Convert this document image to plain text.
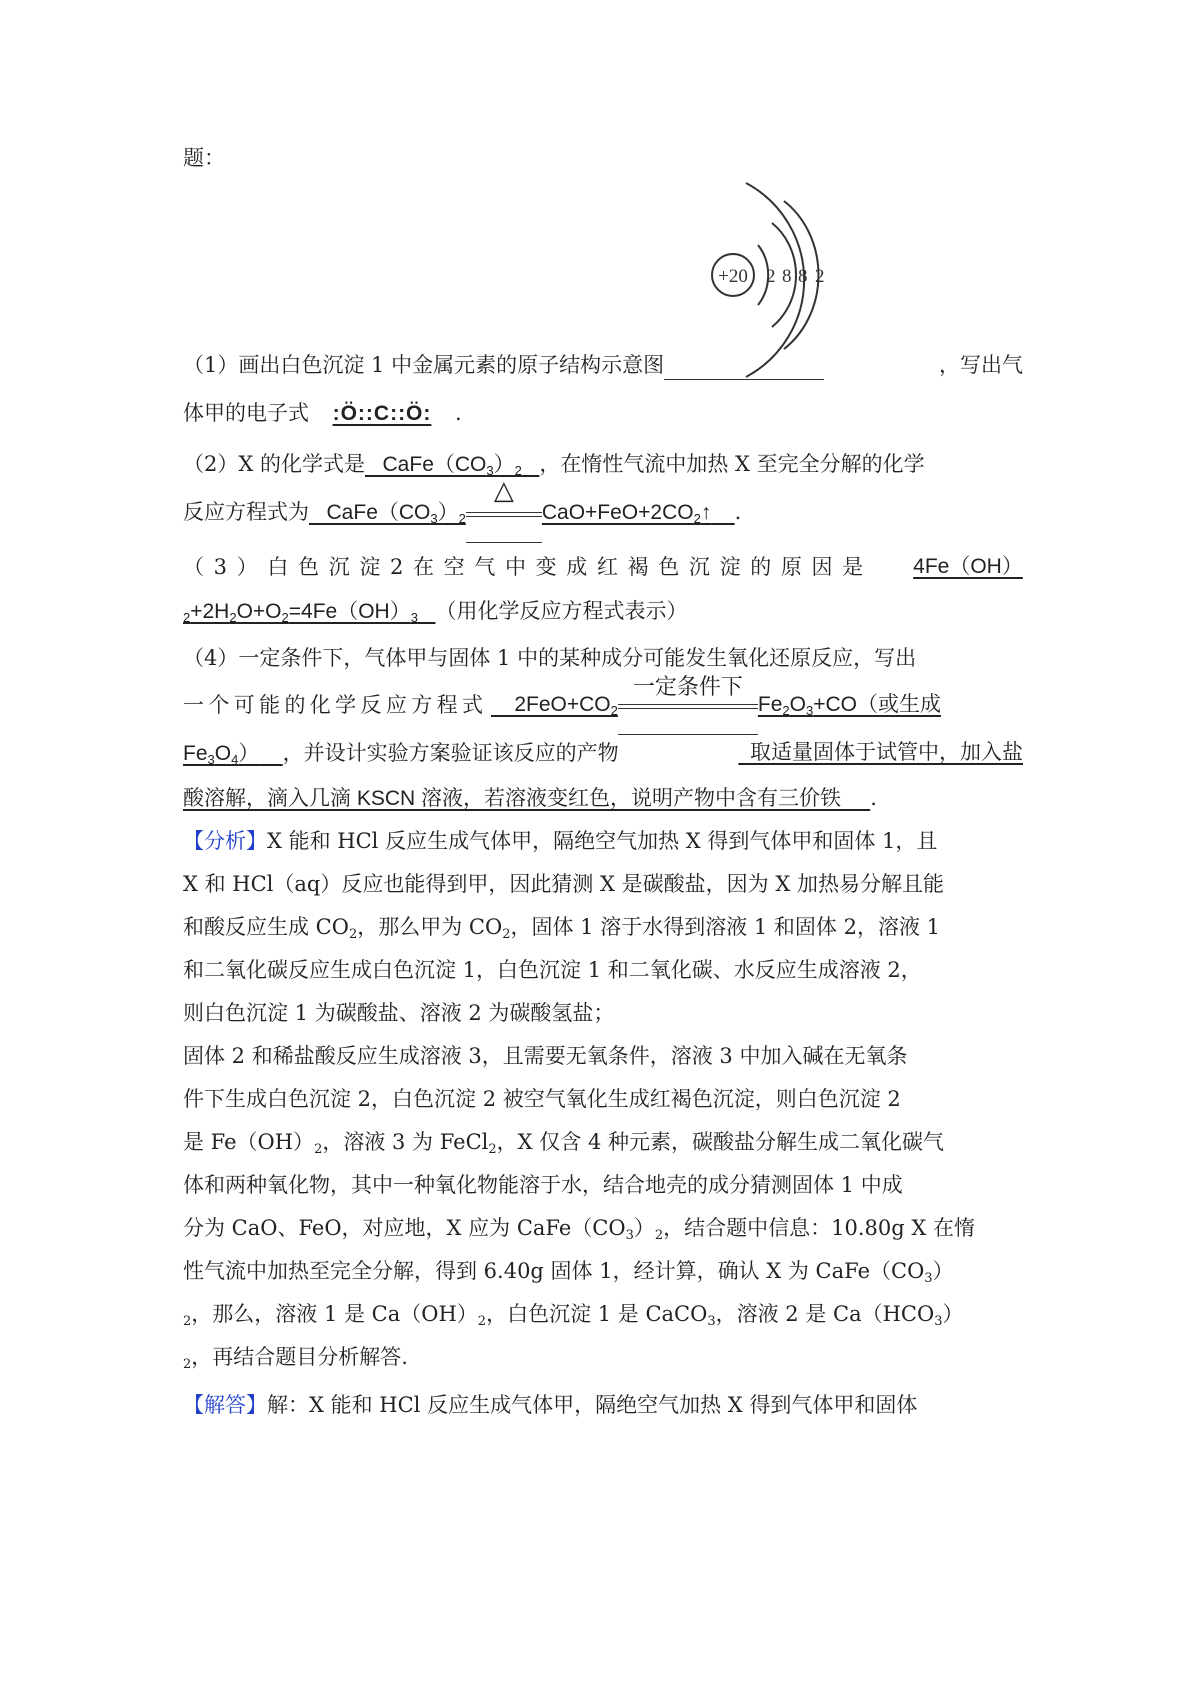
题：
+20 2 8 8 2
（1）画出白色沉淀 1 中金属元素的原子结构示意图	，写出气
体甲的电子式 :Ö::C::Ö: .
（2）X 的化学式是 $CaFe(CO_3)_2$ ，在惰性气流中加热 X 至完全分解的化学
反应方程式为 $CaFe(CO_3)_2$
△
$CaO+FeO+2CO_2↑$ .
（ 3 ） 白 色 沉 淀 2 在 空 气 中 变 成 红 褐 色 沉 淀 的 原 因 是	4Fe（OH）
$_2+2H_2O+O_2=4Fe(OH)_3$ （用化学反应方程式表示）
（4）一定条件下，气体甲与固体 1 中的某种成分可能发生氧化还原反应，写出
一 个 可 能 的 化 学 反 应 方 程 式	$2FeO+CO_2$
一定条件下
$Fe_2O_3+CO$（或生成
$Fe_3O_4$） ，并设计实验方案验证该反应的产物	取适量固体于试管中，加入盐
酸溶解，滴入几滴 KSCN 溶液，若溶液变红色，说明产物中含有三价铁 .
【分析】X 能和 HCl 反应生成气体甲，隔绝空气加热 X 得到气体甲和固体 1，且
X 和 HCl（aq）反应也能得到甲，因此猜测 X 是碳酸盐，因为 X 加热易分解且能
和酸反应生成 $CO_2$，那么甲为 $CO_2$，固体 1 溶于水得到溶液 1 和固体 2，溶液 1
和二氧化碳反应生成白色沉淀 1，白色沉淀 1 和二氧化碳、水反应生成溶液 2，
则白色沉淀 1 为碳酸盐、溶液 2 为碳酸氢盐；
固体 2 和稀盐酸反应生成溶液 3，且需要无氧条件，溶液 3 中加入碱在无氧条
件下生成白色沉淀 2，白色沉淀 2 被空气氧化生成红褐色沉淀，则白色沉淀 2
是 $Fe(OH)_2$，溶液 3 为 FeCl$_2$，X 仅含 4 种元素，碳酸盐分解生成二氧化碳气
体和两种氧化物，其中一种氧化物能溶于水，结合地壳的成分猜测固体 1 中成
分为 CaO、FeO，对应地，X 应为 $CaFe(CO_3)_2$，结合题中信息：10.80g X 在惰
性气流中加热至完全分解，得到 6.40g 固体 1，经计算，确认 X 为 $CaFe(CO_3)$
$_2$，那么，溶液 1 是 $Ca(OH)_2$，白色沉淀 1 是 CaCO$_3$，溶液 2 是 $Ca(HCO_3)$
$_2$，再结合题目分析解答.
【解答】解：X 能和 HCl 反应生成气体甲，隔绝空气加热 X 得到气体甲和固体
